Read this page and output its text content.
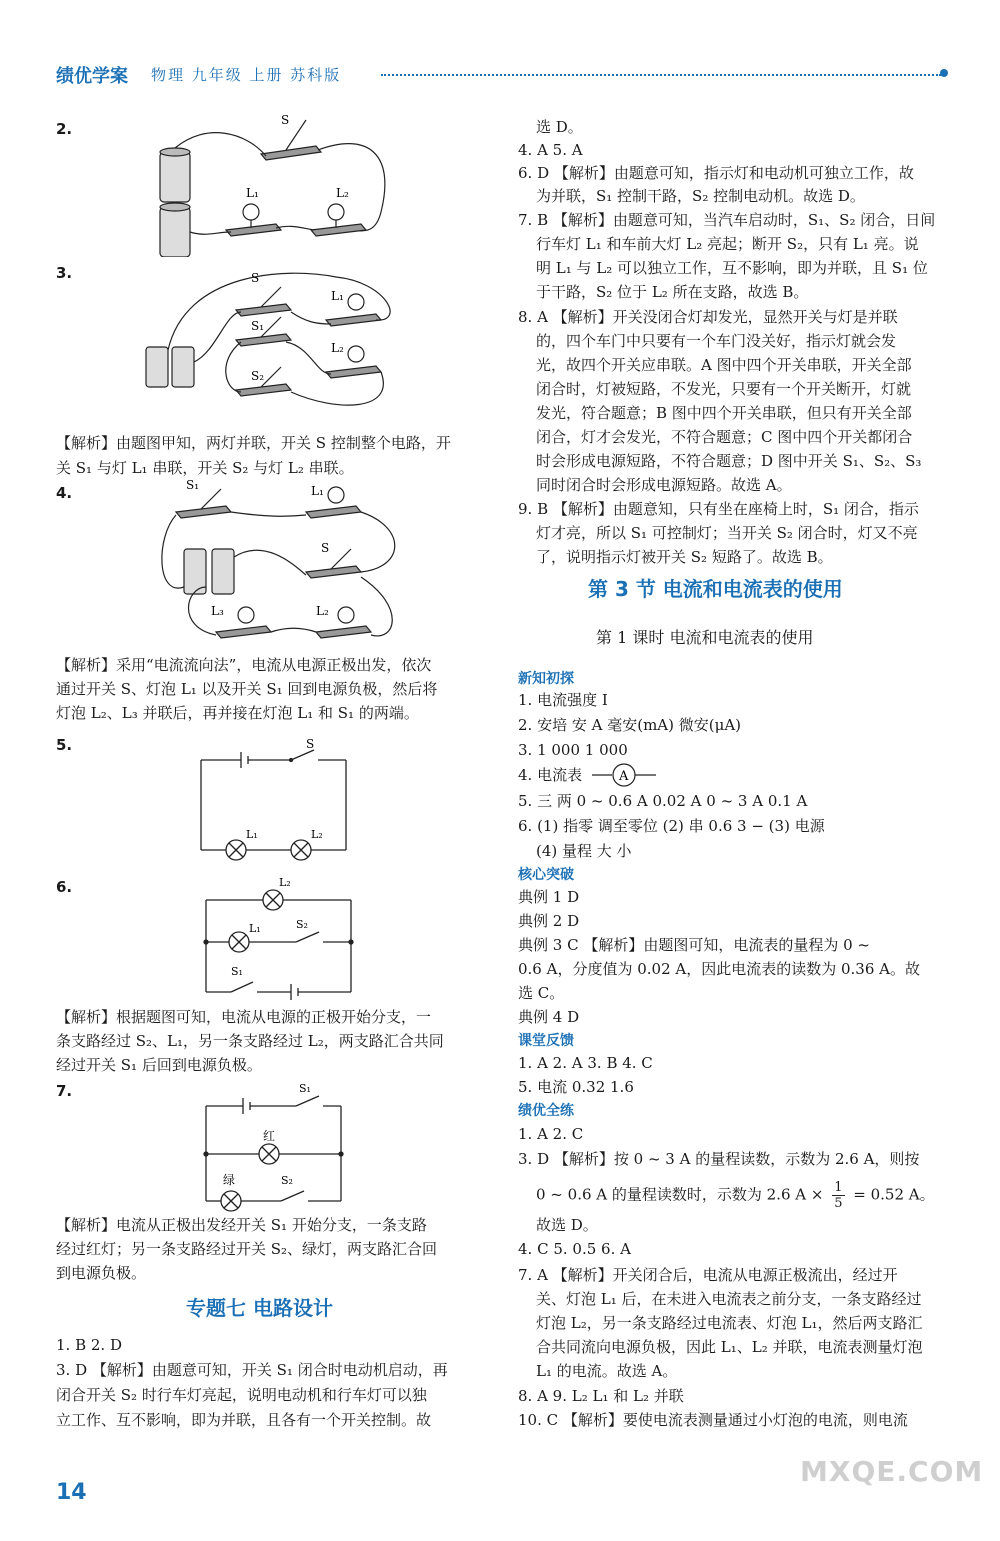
绩优学案 物理 九年级 上册 苏科版
2.	S
L₁	L₂
3.	S
S₁
S₂
L₁
L₂
【解析】由题图甲知，两灯并联，开关 S 控制整个电路，开
关 S₁ 与灯 L₁ 串联，开关 S₂ 与灯 L₂ 串联。
4.	S₁	L₁
S
L₃	L₂
【解析】采用“电流流向法”，电流从电源正极出发，依次
通过开关 S、灯泡 L₁ 以及开关 S₁ 回到电源负极，然后将
灯泡 L₂、L₃ 并联后，再并接在灯泡 L₁ 和 S₁ 的两端。
5.	S
L₁	L₂
6.	L₂
L₁	S₂
S₁
【解析】根据题图可知，电流从电源的正极开始分支，一
条支路经过 S₂、L₁，另一条支路经过 L₂，两支路汇合共同
经过开关 S₁ 后回到电源负极。
7.	S₁
红
绿	S₂
【解析】电流从正极出发经开关 S₁ 开始分支，一条支路
经过红灯；另一条支路经过开关 S₂、绿灯，两支路汇合回
到电源负极。
专题七 电路设计
1. B 2. D
3. D 【解析】由题意可知，开关 S₁ 闭合时电动机启动，再
闭合开关 S₂ 时行车灯亮起，说明电动机和行车灯可以独
立工作、互不影响，即为并联，且各有一个开关控制。故
选 D。
4. A 5. A
6. D 【解析】由题意可知，指示灯和电动机可独立工作，故
为并联，S₁ 控制干路，S₂ 控制电动机。故选 D。
7. B 【解析】由题意可知，当汽车启动时，S₁、S₂ 闭合，日间
行车灯 L₁ 和车前大灯 L₂ 亮起；断开 S₂，只有 L₁ 亮。说
明 L₁ 与 L₂ 可以独立工作，互不影响，即为并联，且 S₁ 位
于干路，S₂ 位于 L₂ 所在支路，故选 B。
8. A 【解析】开关没闭合灯却发光，显然开关与灯是并联
的，四个车门中只要有一个车门没关好，指示灯就会发
光，故四个开关应串联。A 图中四个开关串联，开关全部
闭合时，灯被短路，不发光，只要有一个开关断开，灯就
发光，符合题意；B 图中四个开关串联，但只有开关全部
闭合，灯才会发光，不符合题意；C 图中四个开关都闭合
时会形成电源短路，不符合题意；D 图中开关 S₁、S₂、S₃
同时闭合时会形成电源短路。故选 A。
9. B 【解析】由题意知，只有坐在座椅上时，S₁ 闭合，指示
灯才亮，所以 S₁ 可控制灯；当开关 S₂ 闭合时，灯又不亮
了，说明指示灯被开关 S₂ 短路了。故选 B。
第 3 节 电流和电流表的使用
第 1 课时 电流和电流表的使用
新知初探
1. 电流强度 I
2. 安培 安 A 毫安(mA) 微安(μA)
3. 1 000 1 000
4. 电流表	A
5. 三 两 0 ~ 0.6 A 0.02 A 0 ~ 3 A 0.1 A
6. (1) 指零 调至零位 (2) 串 0.6 3 − (3) 电源
(4) 量程 大 小
核心突破
典例 1 D
典例 2 D
典例 3 C 【解析】由题图可知，电流表的量程为 0 ~
0.6 A，分度值为 0.02 A，因此电流表的读数为 0.36 A。故
选 C。
典例 4 D
课堂反馈
1. A 2. A 3. B 4. C
5. 电流 0.32 1.6
绩优全练
1. A 2. C
3. D 【解析】按 0 ~ 3 A 的量程读数，示数为 2.6 A，则按
0 ~ 0.6 A 的量程读数时，示数为 2.6 $A \times \frac{1}{5} = 0.52$ A。
故选 D。
4. C 5. 0.5 6. A
7. A 【解析】开关闭合后，电流从电源正极流出，经过开
关、灯泡 L₁ 后，在未进入电流表之前分支，一条支路经过
灯泡 L₂，另一条支路经过电流表、灯泡 L₁，然后两支路汇
合共同流向电源负极，因此 L₁、L₂ 并联，电流表测量灯泡
L₁ 的电流。故选 A。
8. A 9. L₂ L₁ 和 L₂ 并联
10. C 【解析】要使电流表测量通过小灯泡的电流，则电流
14
MXQE.COM
